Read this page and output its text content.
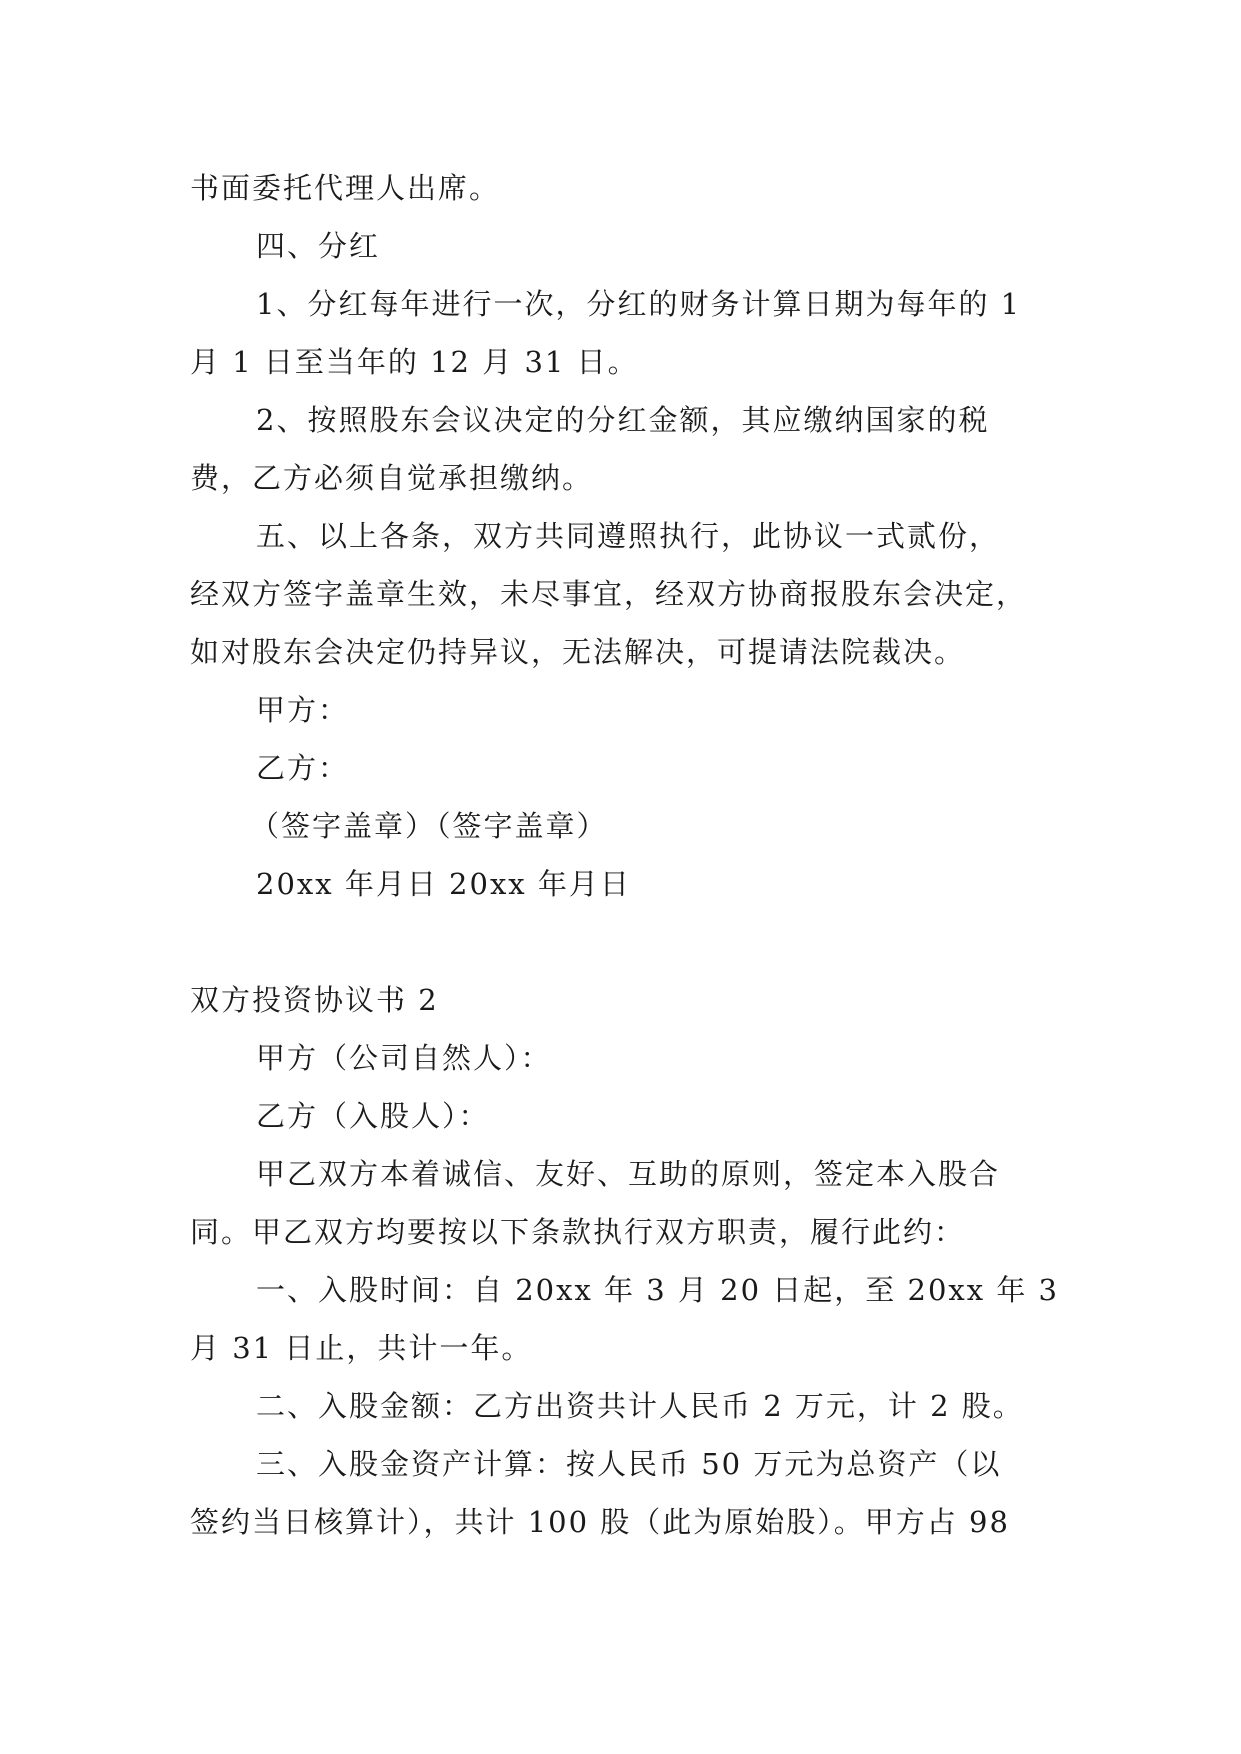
书面委托代理人出席。
四、分红
1、分红每年进行一次，分红的财务计算日期为每年的 1
月 1 日至当年的 12 月 31 日。
2、按照股东会议决定的分红金额，其应缴纳国家的税
费，乙方必须自觉承担缴纳。
五、以上各条，双方共同遵照执行，此协议一式贰份，
经双方签字盖章生效，未尽事宜，经双方协商报股东会决定，
如对股东会决定仍持异议，无法解决，可提请法院裁决。
甲方：
乙方：
（签字盖章）（签字盖章）
20xx 年月日 20xx 年月日
双方投资协议书 2
甲方（公司自然人）：
乙方（入股人）：
甲乙双方本着诚信、友好、互助的原则，签定本入股合
同。甲乙双方均要按以下条款执行双方职责，履行此约：
一、入股时间：自 20xx 年 3 月 20 日起，至 20xx 年 3
月 31 日止，共计一年。
二、入股金额：乙方出资共计人民币 2 万元，计 2 股。
三、入股金资产计算：按人民币 50 万元为总资产（以
签约当日核算计），共计 100 股（此为原始股）。甲方占 98
